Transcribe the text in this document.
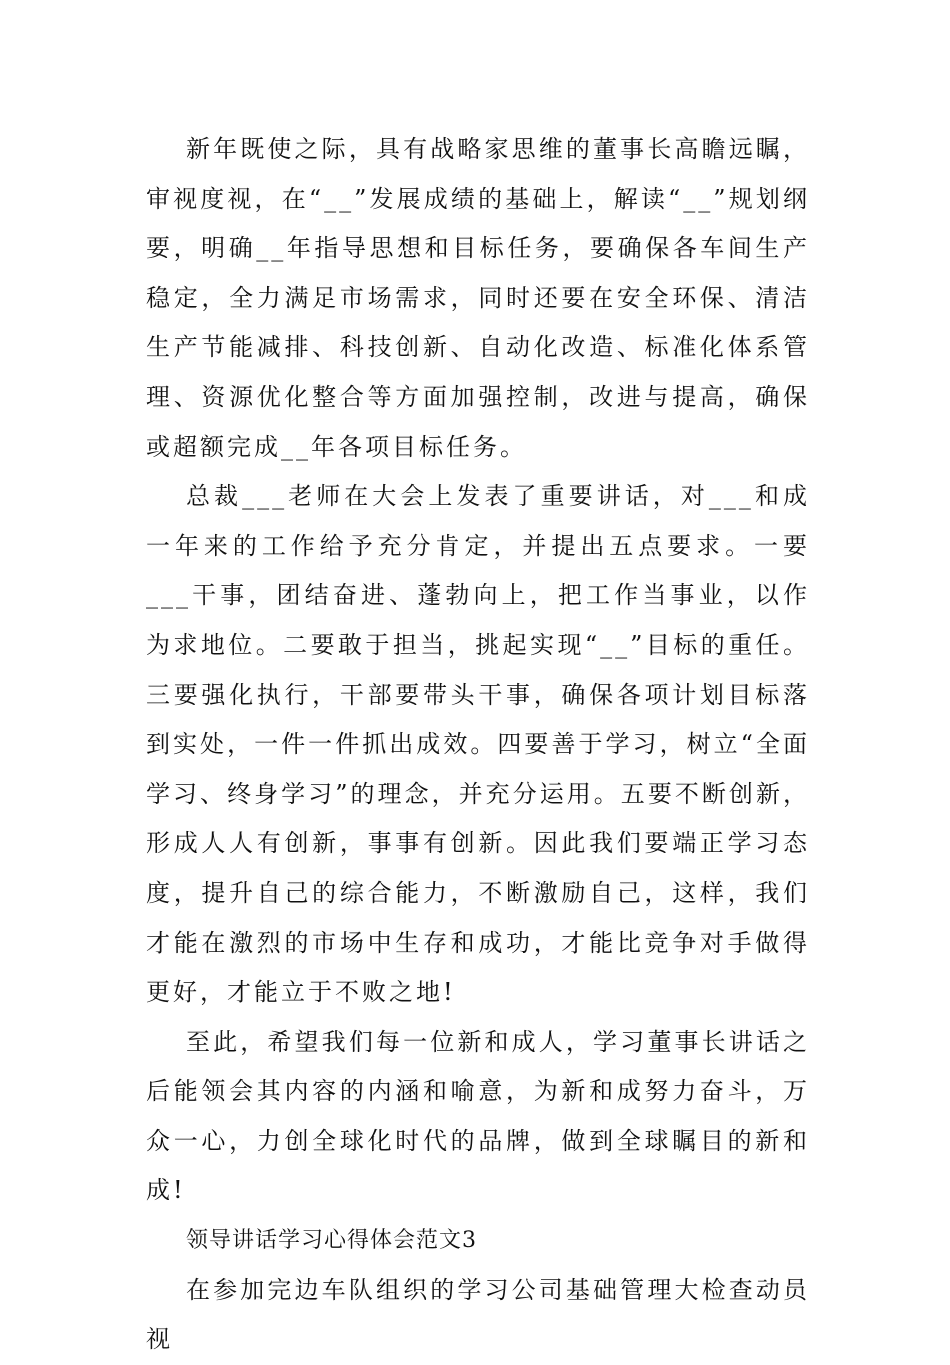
新年既使之际，具有战略家思维的董事长高瞻远瞩，审视度视，在“__”发展成绩的基础上，解读“__”规划纲要，明确__年指导思想和目标任务，要确保各车间生产稳定，全力满足市场需求，同时还要在安全环保、清洁生产节能减排、科技创新、自动化改造、标准化体系管理、资源优化整合等方面加强控制，改进与提高，确保或超额完成__年各项目标任务。

总裁___老师在大会上发表了重要讲话，对___和成一年来的工作给予充分肯定，并提出五点要求。一要___干事，团结奋进、蓬勃向上，把工作当事业，以作为求地位。二要敢于担当，挑起实现“__”目标的重任。三要强化执行，干部要带头干事，确保各项计划目标落到实处，一件一件抓出成效。四要善于学习，树立“全面学习、终身学习”的理念，并充分运用。五要不断创新，形成人人有创新，事事有创新。因此我们要端正学习态度，提升自己的综合能力，不断激励自己，这样，我们才能在激烈的市场中生存和成功，才能比竞争对手做得更好，才能立于不败之地!

至此，希望我们每一位新和成人，学习董事长讲话之后能领会其内容的内涵和喻意，为新和成努力奋斗，万众一心，力创全球化时代的品牌，做到全球瞩目的新和成!

领导讲话学习心得体会范文3

在参加完边车队组织的学习公司基础管理大检查动员视
